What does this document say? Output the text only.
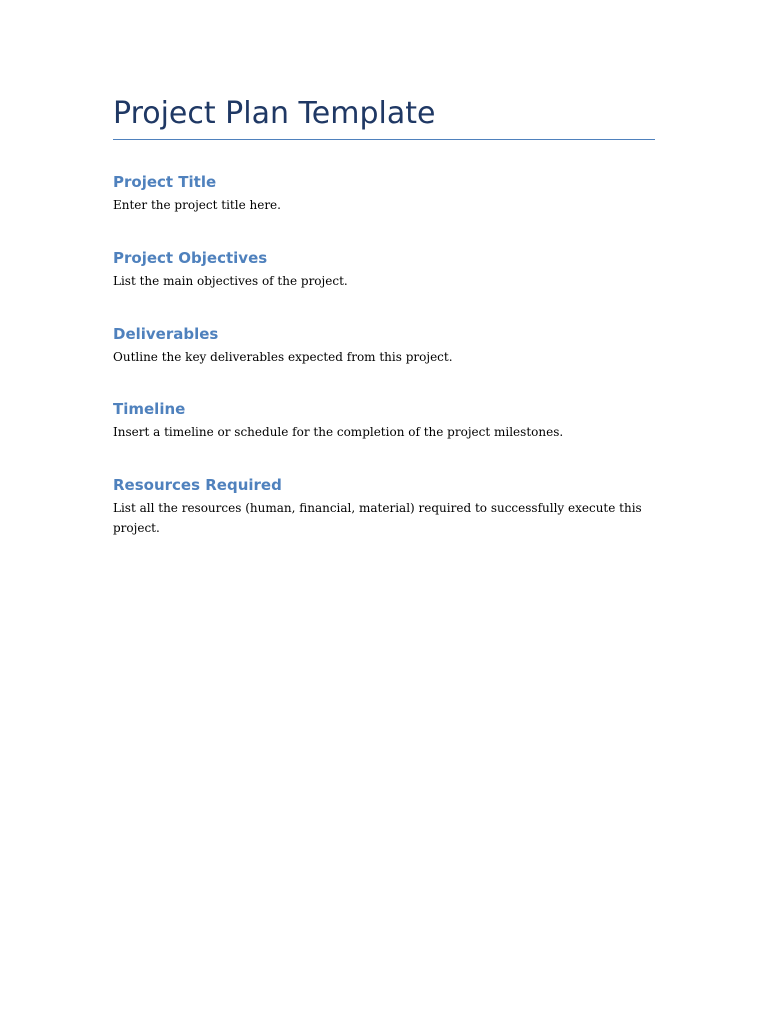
Project Plan Template
Project Title

Enter the project title here.

Project Objectives

List the main objectives of the project.

Deliverables

Outline the key deliverables expected from this project.

Timeline

Insert a timeline or schedule for the completion of the project milestones.

Resources Required

List all the resources (human, financial, material) required to successfully execute this project.
